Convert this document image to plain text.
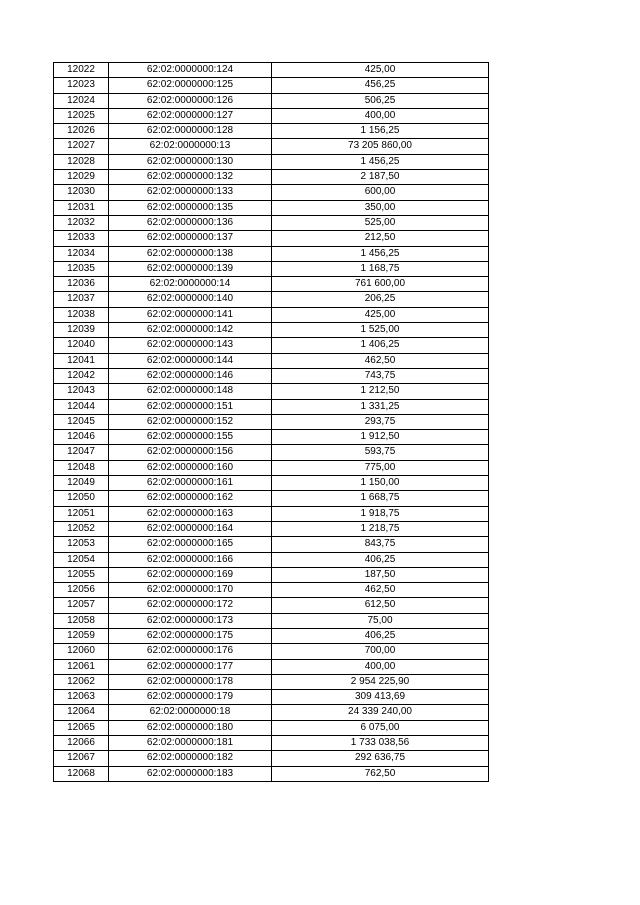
12022	62:02:0000000:124	425,00
12023	62:02:0000000:125	456,25
12024	62:02:0000000:126	506,25
12025	62:02:0000000:127	400,00
12026	62:02:0000000:128	1 156,25
12027	62:02:0000000:13	73 205 860,00
12028	62:02:0000000:130	1 456,25
12029	62:02:0000000:132	2 187,50
12030	62:02:0000000:133	600,00
12031	62:02:0000000:135	350,00
12032	62:02:0000000:136	525,00
12033	62:02:0000000:137	212,50
12034	62:02:0000000:138	1 456,25
12035	62:02:0000000:139	1 168,75
12036	62:02:0000000:14	761 600,00
12037	62:02:0000000:140	206,25
12038	62:02:0000000:141	425,00
12039	62:02:0000000:142	1 525,00
12040	62:02:0000000:143	1 406,25
12041	62:02:0000000:144	462,50
12042	62:02:0000000:146	743,75
12043	62:02:0000000:148	1 212,50
12044	62:02:0000000:151	1 331,25
12045	62:02:0000000:152	293,75
12046	62:02:0000000:155	1 912,50
12047	62:02:0000000:156	593,75
12048	62:02:0000000:160	775,00
12049	62:02:0000000:161	1 150,00
12050	62:02:0000000:162	1 668,75
12051	62:02:0000000:163	1 918,75
12052	62:02:0000000:164	1 218,75
12053	62:02:0000000:165	843,75
12054	62:02:0000000:166	406,25
12055	62:02:0000000:169	187,50
12056	62:02:0000000:170	462,50
12057	62:02:0000000:172	612,50
12058	62:02:0000000:173	75,00
12059	62:02:0000000:175	406,25
12060	62:02:0000000:176	700,00
12061	62:02:0000000:177	400,00
12062	62:02:0000000:178	2 954 225,90
12063	62:02:0000000:179	309 413,69
12064	62:02:0000000:18	24 339 240,00
12065	62:02:0000000:180	6 075,00
12066	62:02:0000000:181	1 733 038,56
12067	62:02:0000000:182	292 636,75
12068	62:02:0000000:183	762,50
